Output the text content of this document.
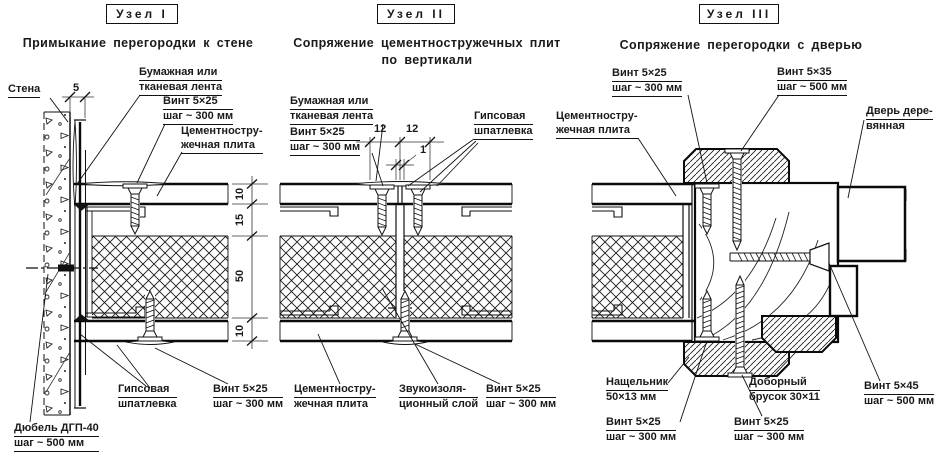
Узел I	Узел II	Узел III
Примыкание перегородки к стене	Сопряжение цементностружечных плит
по вертикали
Сопряжение перегородки с дверью
Стена
Бумажная или
тканевая лента
Винт 5×25
шаг ~ 300 мм
Цементностру-
жечная плита
Бумажная или
тканевая лента
Винт 5×25
шаг ~ 300 мм
Гипсовая
шпатлевка
Цементностру-
жечная плита
Винт 5×25
шаг ~ 300 мм
Винт 5×35
шаг ~ 500 мм
Дверь дере-
вянная
Гипсовая
шпатлевка
Винт 5×25
шаг ~ 300 мм
Дюбель ДГП-40
шаг ~ 500 мм
Цементностру-
жечная плита
Звукоизоля-
ционный слой
Винт 5×25
шаг ~ 300 мм
Нащельник
50×13 мм
Винт 5×25
шаг ~ 300 мм
Доборный
брусок 30×11
Винт 5×25
шаг ~ 300 мм
Винт 5×45
шаг ~ 500 мм
5
12 12
1
10
15
50
10
